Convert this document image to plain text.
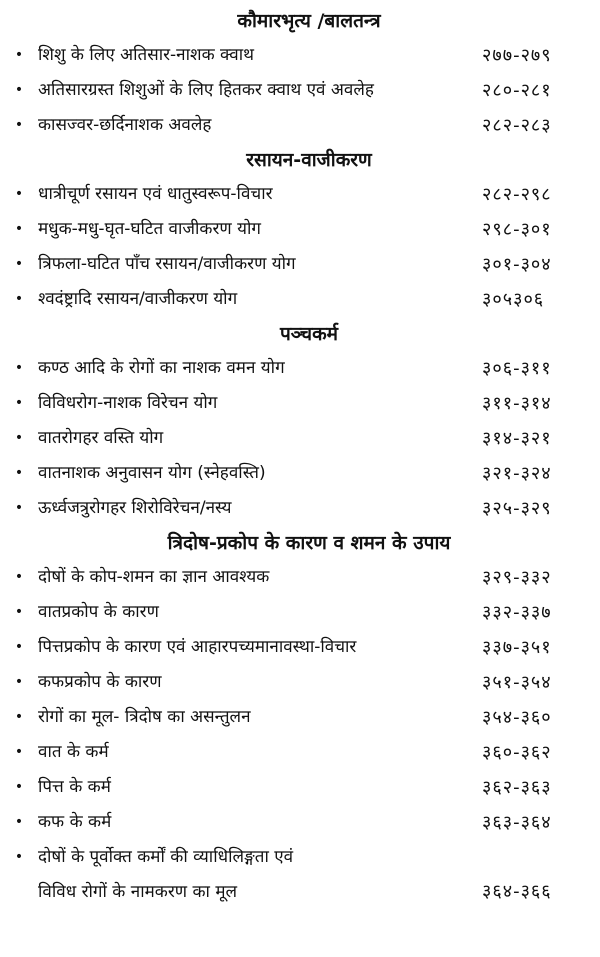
कौमारभृत्य /बालतन्त्र
• शिशु के लिए अतिसार-नाशक क्वाथ	२७७-२७९
• अतिसारग्रस्त शिशुओं के लिए हितकर क्वाथ एवं अवलेह	२८०-२८१
• कासज्वर-छर्दिनाशक अवलेह	२८२-२८३
रसायन-वाजीकरण
• धात्रीचूर्ण रसायन एवं धातुस्वरूप-विचार	२८२-२९८
• मधुक-मधु-घृत-घटित वाजीकरण योग	२९८-३०१
• त्रिफला-घटित पाँच रसायन/वाजीकरण योग	३०१-३०४
• श्वदंष्ट्रादि रसायन/वाजीकरण योग	३०५३०६
पञ्चकर्म
• कण्ठ आदि के रोगों का नाशक वमन योग	३०६-३११
• विविधरोग-नाशक विरेचन योग	३११-३१४
• वातरोगहर वस्ति योग	३१४-३२१
• वातनाशक अनुवासन योग (स्नेहवस्ति)	३२१-३२४
• ऊर्ध्वजत्रुरोगहर शिरोविरेचन/नस्य	३२५-३२९
त्रिदोष-प्रकोप के कारण व शमन के उपाय
• दोषों के कोप-शमन का ज्ञान आवश्यक	३२९-३३२
• वातप्रकोप के कारण	३३२-३३७
• पित्तप्रकोप के कारण एवं आहारपच्यमानावस्था-विचार	३३७-३५१
• कफप्रकोप के कारण	३५१-३५४
• रोगों का मूल- त्रिदोष का असन्तुलन	३५४-३६०
• वात के कर्म	३६०-३६२
• पित्त के कर्म	३६२-३६३
• कफ के कर्म	३६३-३६४
• दोषों के पूर्वोक्त कर्मों की व्याधिलिङ्गता एवं
विविध रोगों के नामकरण का मूल	३६४-३६६
